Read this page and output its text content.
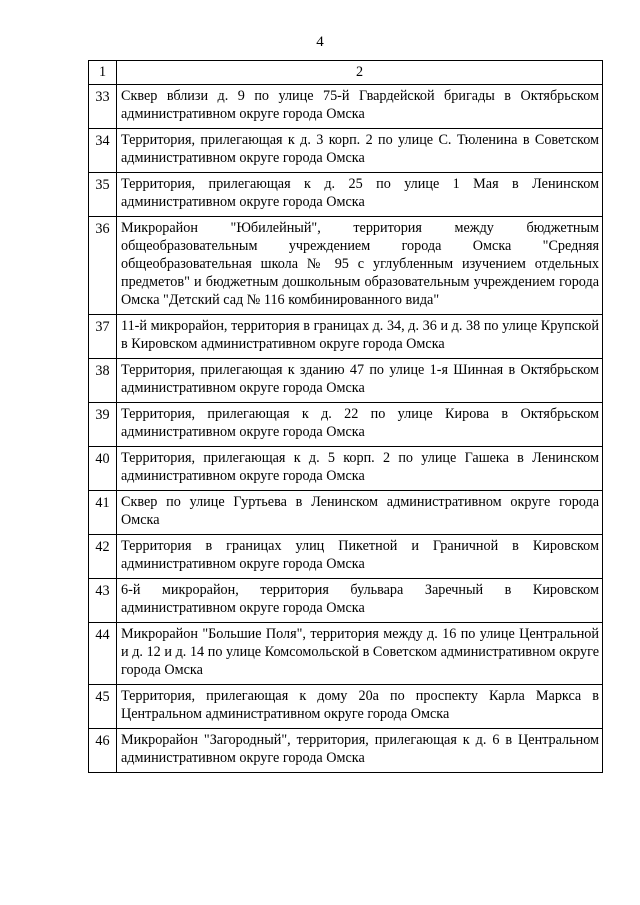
4
1	2
33	Сквер вблизи д. 9 по улице 75-й Гвардейской бригады в Октябрьском административном округе города Омска
34	Территория, прилегающая к д. 3 корп. 2 по улице С. Тюленина в Советском административном округе города Омска
35	Территория, прилегающая к д. 25 по улице 1 Мая в Ленинском административном округе города Омска
36	Микрорайон "Юбилейный", территория между бюджетным общеобразовательным учреждением города Омска "Средняя общеобразовательная школа № 95 с углубленным изучением отдельных предметов" и бюджетным дошкольным образовательным учреждением города Омска "Детский сад № 116 комбинированного вида"
37	11-й микрорайон, территория в границах д. 34, д. 36 и д. 38 по улице Крупской в Кировском административном округе города Омска
38	Территория, прилегающая к зданию 47 по улице 1-я Шинная в Октябрьском административном округе города Омска
39	Территория, прилегающая к д. 22 по улице Кирова в Октябрьском административном округе города Омска
40	Территория, прилегающая к д. 5 корп. 2 по улице Гашека в Ленинском административном округе города Омска
41	Сквер по улице Гуртьева в Ленинском административном округе города Омска
42	Территория в границах улиц Пикетной и Граничной в Кировском административном округе города Омска
43	6-й микрорайон, территория бульвара Заречный в Кировском административном округе города Омска
44	Микрорайон "Большие Поля", территория между д. 16 по улице Центральной и д. 12 и д. 14 по улице Комсомольской в Советском административном округе города Омска
45	Территория, прилегающая к дому 20а по проспекту Карла Маркса в Центральном административном округе города Омска
46	Микрорайон "Загородный", территория, прилегающая к д. 6 в Центральном административном округе города Омска
